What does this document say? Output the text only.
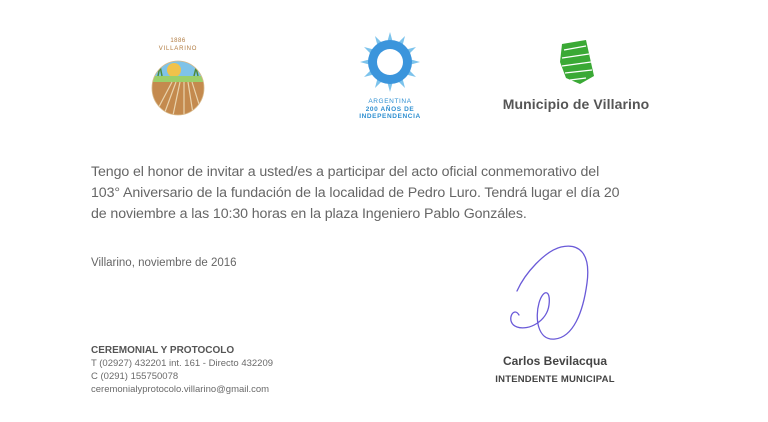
1886
VILLARINO
ARGENTINA
200 AÑOS DE
INDEPENDENCIA
Municipio de Villarino
Tengo el honor de invitar a usted/es a participar del acto oficial conmemorativo del
103° Aniversario de la fundación de la localidad de Pedro Luro. Tendrá lugar el día 20
de noviembre a las 10:30 horas en la plaza Ingeniero Pablo Gonzáles.
Villarino, noviembre de 2016
CEREMONIAL Y PROTOCOLO
T (02927) 432201 int. 161 - Directo 432209
C (0291) 155750078
ceremonialyprotocolo.villarino@gmail.com
Carlos Bevilacqua
INTENDENTE MUNICIPAL
